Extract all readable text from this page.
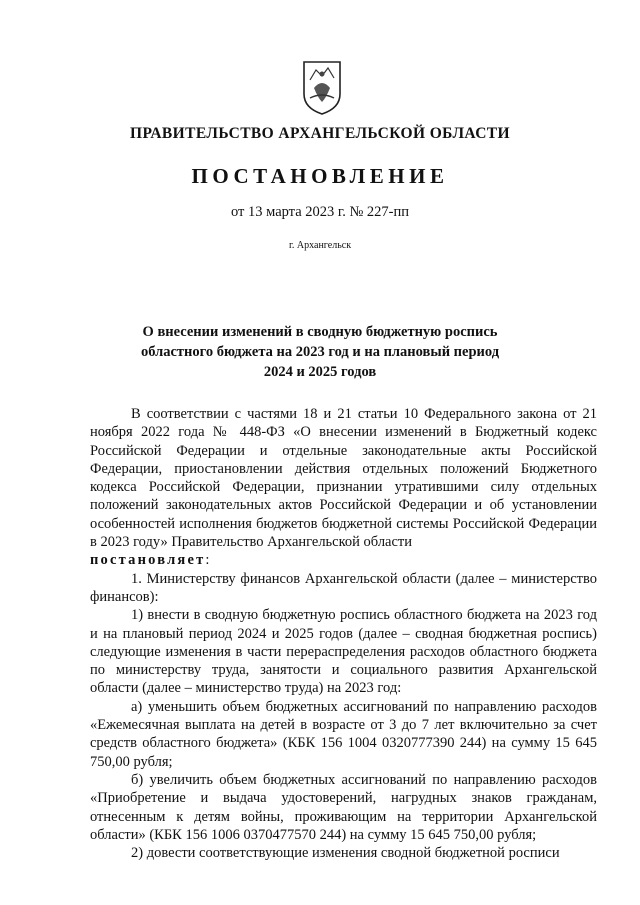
ПРАВИТЕЛЬСТВО АРХАНГЕЛЬСКОЙ ОБЛАСТИ
ПОСТАНОВЛЕНИЕ
от 13 марта 2023 г. № 227-пп
г. Архангельск
О внесении изменений в сводную бюджетную роспись
областного бюджета на 2023 год и на плановый период
2024 и 2025 годов

В соответствии с частями 18 и 21 статьи 10 Федерального закона от 21 ноября 2022 года № 448-ФЗ «О внесении изменений в Бюджетный кодекс Российской Федерации и отдельные законодательные акты Российской Федерации, приостановлении действия отдельных положений Бюджетного кодекса Российской Федерации, признании утратившими силу отдельных положений законодательных актов Российской Федерации и об установлении особенностей исполнения бюджетов бюджетной системы Российской Федерации в 2023 году» Правительство Архангельской области
постановляет:

1. Министерству финансов Архангельской области (далее – министерство финансов):

1) внести в сводную бюджетную роспись областного бюджета на 2023 год и на плановый период 2024 и 2025 годов (далее – сводная бюджетная роспись) следующие изменения в части перераспределения расходов областного бюджета по министерству труда, занятости и социального развития Архангельской области (далее – министерство труда) на 2023 год:

а) уменьшить объем бюджетных ассигнований по направлению расходов «Ежемесячная выплата на детей в возрасте от 3 до 7 лет включительно за счет средств областного бюджета» (КБК 156 1004 0320777390 244) на сумму 15 645 750,00 рубля;

б) увеличить объем бюджетных ассигнований по направлению расходов «Приобретение и выдача удостоверений, нагрудных знаков гражданам, отнесенным к детям войны, проживающим на территории Архангельской области» (КБК 156 1006 0370477570 244) на сумму 15 645 750,00 рубля;

2) довести соответствующие изменения сводной бюджетной росписи
